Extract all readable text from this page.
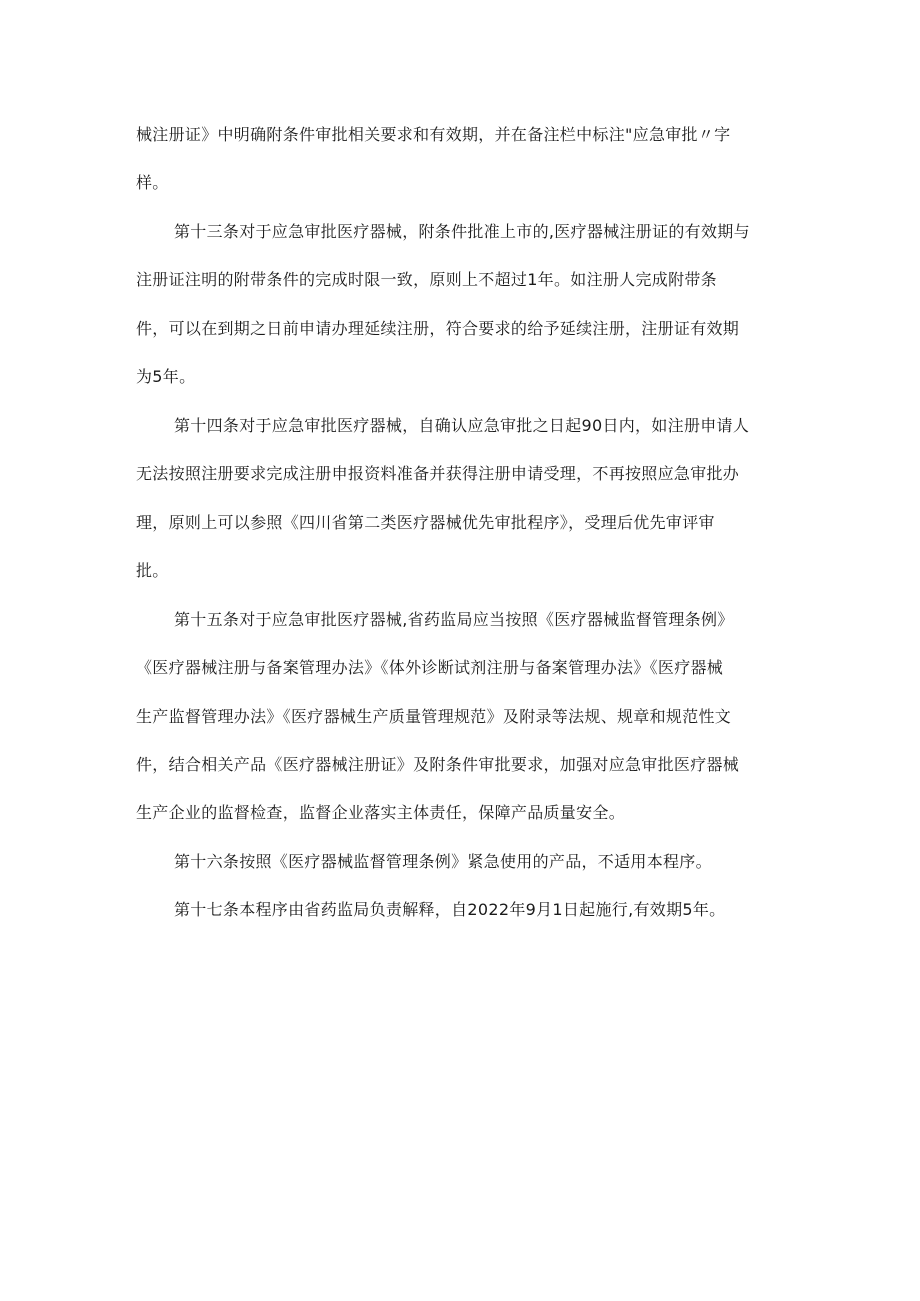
械注册证》中明确附条件审批相关要求和有效期，并在备注栏中标注"应急审批〃字
样。
第十三条对于应急审批医疗器械，附条件批准上市的,医疗器械注册证的有效期与
注册证注明的附带条件的完成时限一致，原则上不超过1年。如注册人完成附带条
件，可以在到期之日前申请办理延续注册，符合要求的给予延续注册，注册证有效期
为5年。
第十四条对于应急审批医疗器械，自确认应急审批之日起90日内，如注册申请人
无法按照注册要求完成注册申报资料准备并获得注册申请受理，不再按照应急审批办
理，原则上可以参照《四川省第二类医疗器械优先审批程序》，受理后优先审评审
批。
第十五条对于应急审批医疗器械,省药监局应当按照《医疗器械监督管理条例》
《医疗器械注册与备案管理办法》《体外诊断试剂注册与备案管理办法》《医疗器械
生产监督管理办法》《医疗器械生产质量管理规范》及附录等法规、规章和规范性文
件，结合相关产品《医疗器械注册证》及附条件审批要求，加强对应急审批医疗器械
生产企业的监督检查，监督企业落实主体责任，保障产品质量安全。
第十六条按照《医疗器械监督管理条例》紧急使用的产品，不适用本程序。
第十七条本程序由省药监局负责解释，自2022年9月1日起施行,有效期5年。
